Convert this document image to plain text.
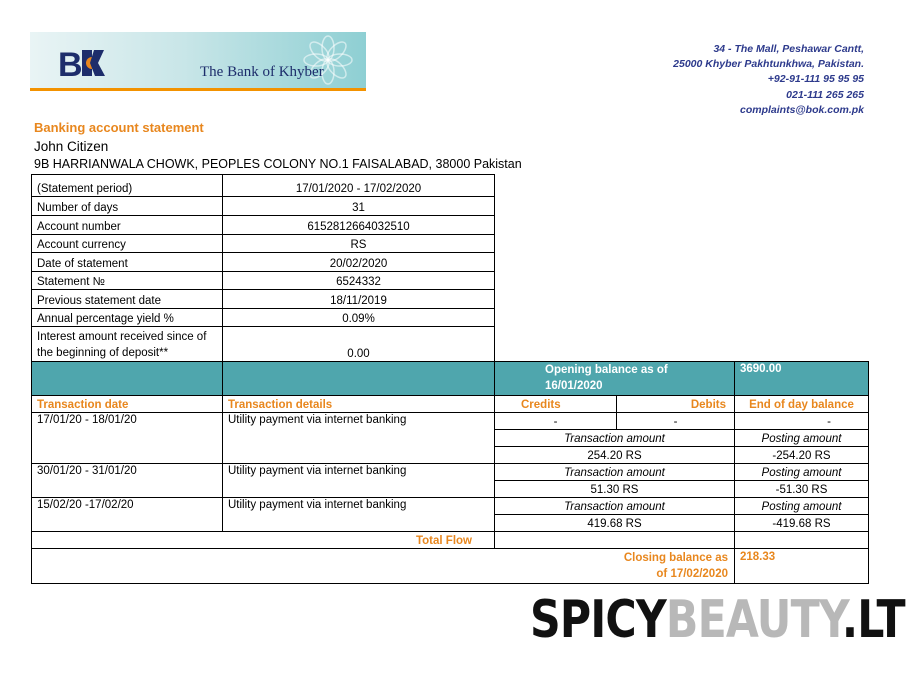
B	The Bank of Khyber
34 - The Mall, Peshawar Cantt,
25000 Khyber Pakhtunkhwa, Pakistan.
+92-91-111 95 95 95
021-111 265 265
complaints@bok.com.pk
Banking account statement
John Citizen
9B HARRIANWALA CHOWK, PEOPLES COLONY NO.1 FAISALABAD, 38000 Pakistan
(Statement period)	17/01/2020 - 17/02/2020			
Number of days	31			
Account number	6152812664032510			
Account currency	RS			
Date of statement	20/02/2020			
Statement №	6524332			
Previous statement date	18/11/2019			
Annual percentage yield %	0.09%			
Interest amount received since of the beginning of deposit**	0.00			
		Opening balance as of 16/01/2020		3690.00
Transaction date	Transaction details	Credits	Debits	End of day balance
17/01/20 - 18/01/20	Utility payment via internet banking	-	-	-
		Transaction amount		Posting amount
		254.20 RS		-254.20 RS
30/01/20 - 31/01/20	Utility payment via internet banking	Transaction amount		Posting amount
		51.30 RS		-51.30 RS
15/02/20 -17/02/20	Utility payment via internet banking	Transaction amount		Posting amount
		419.68 RS		-419.68 RS
Total Flow				
			Closing balance as of 17/02/2020	218.33
SPICYBEAUTY.LT
